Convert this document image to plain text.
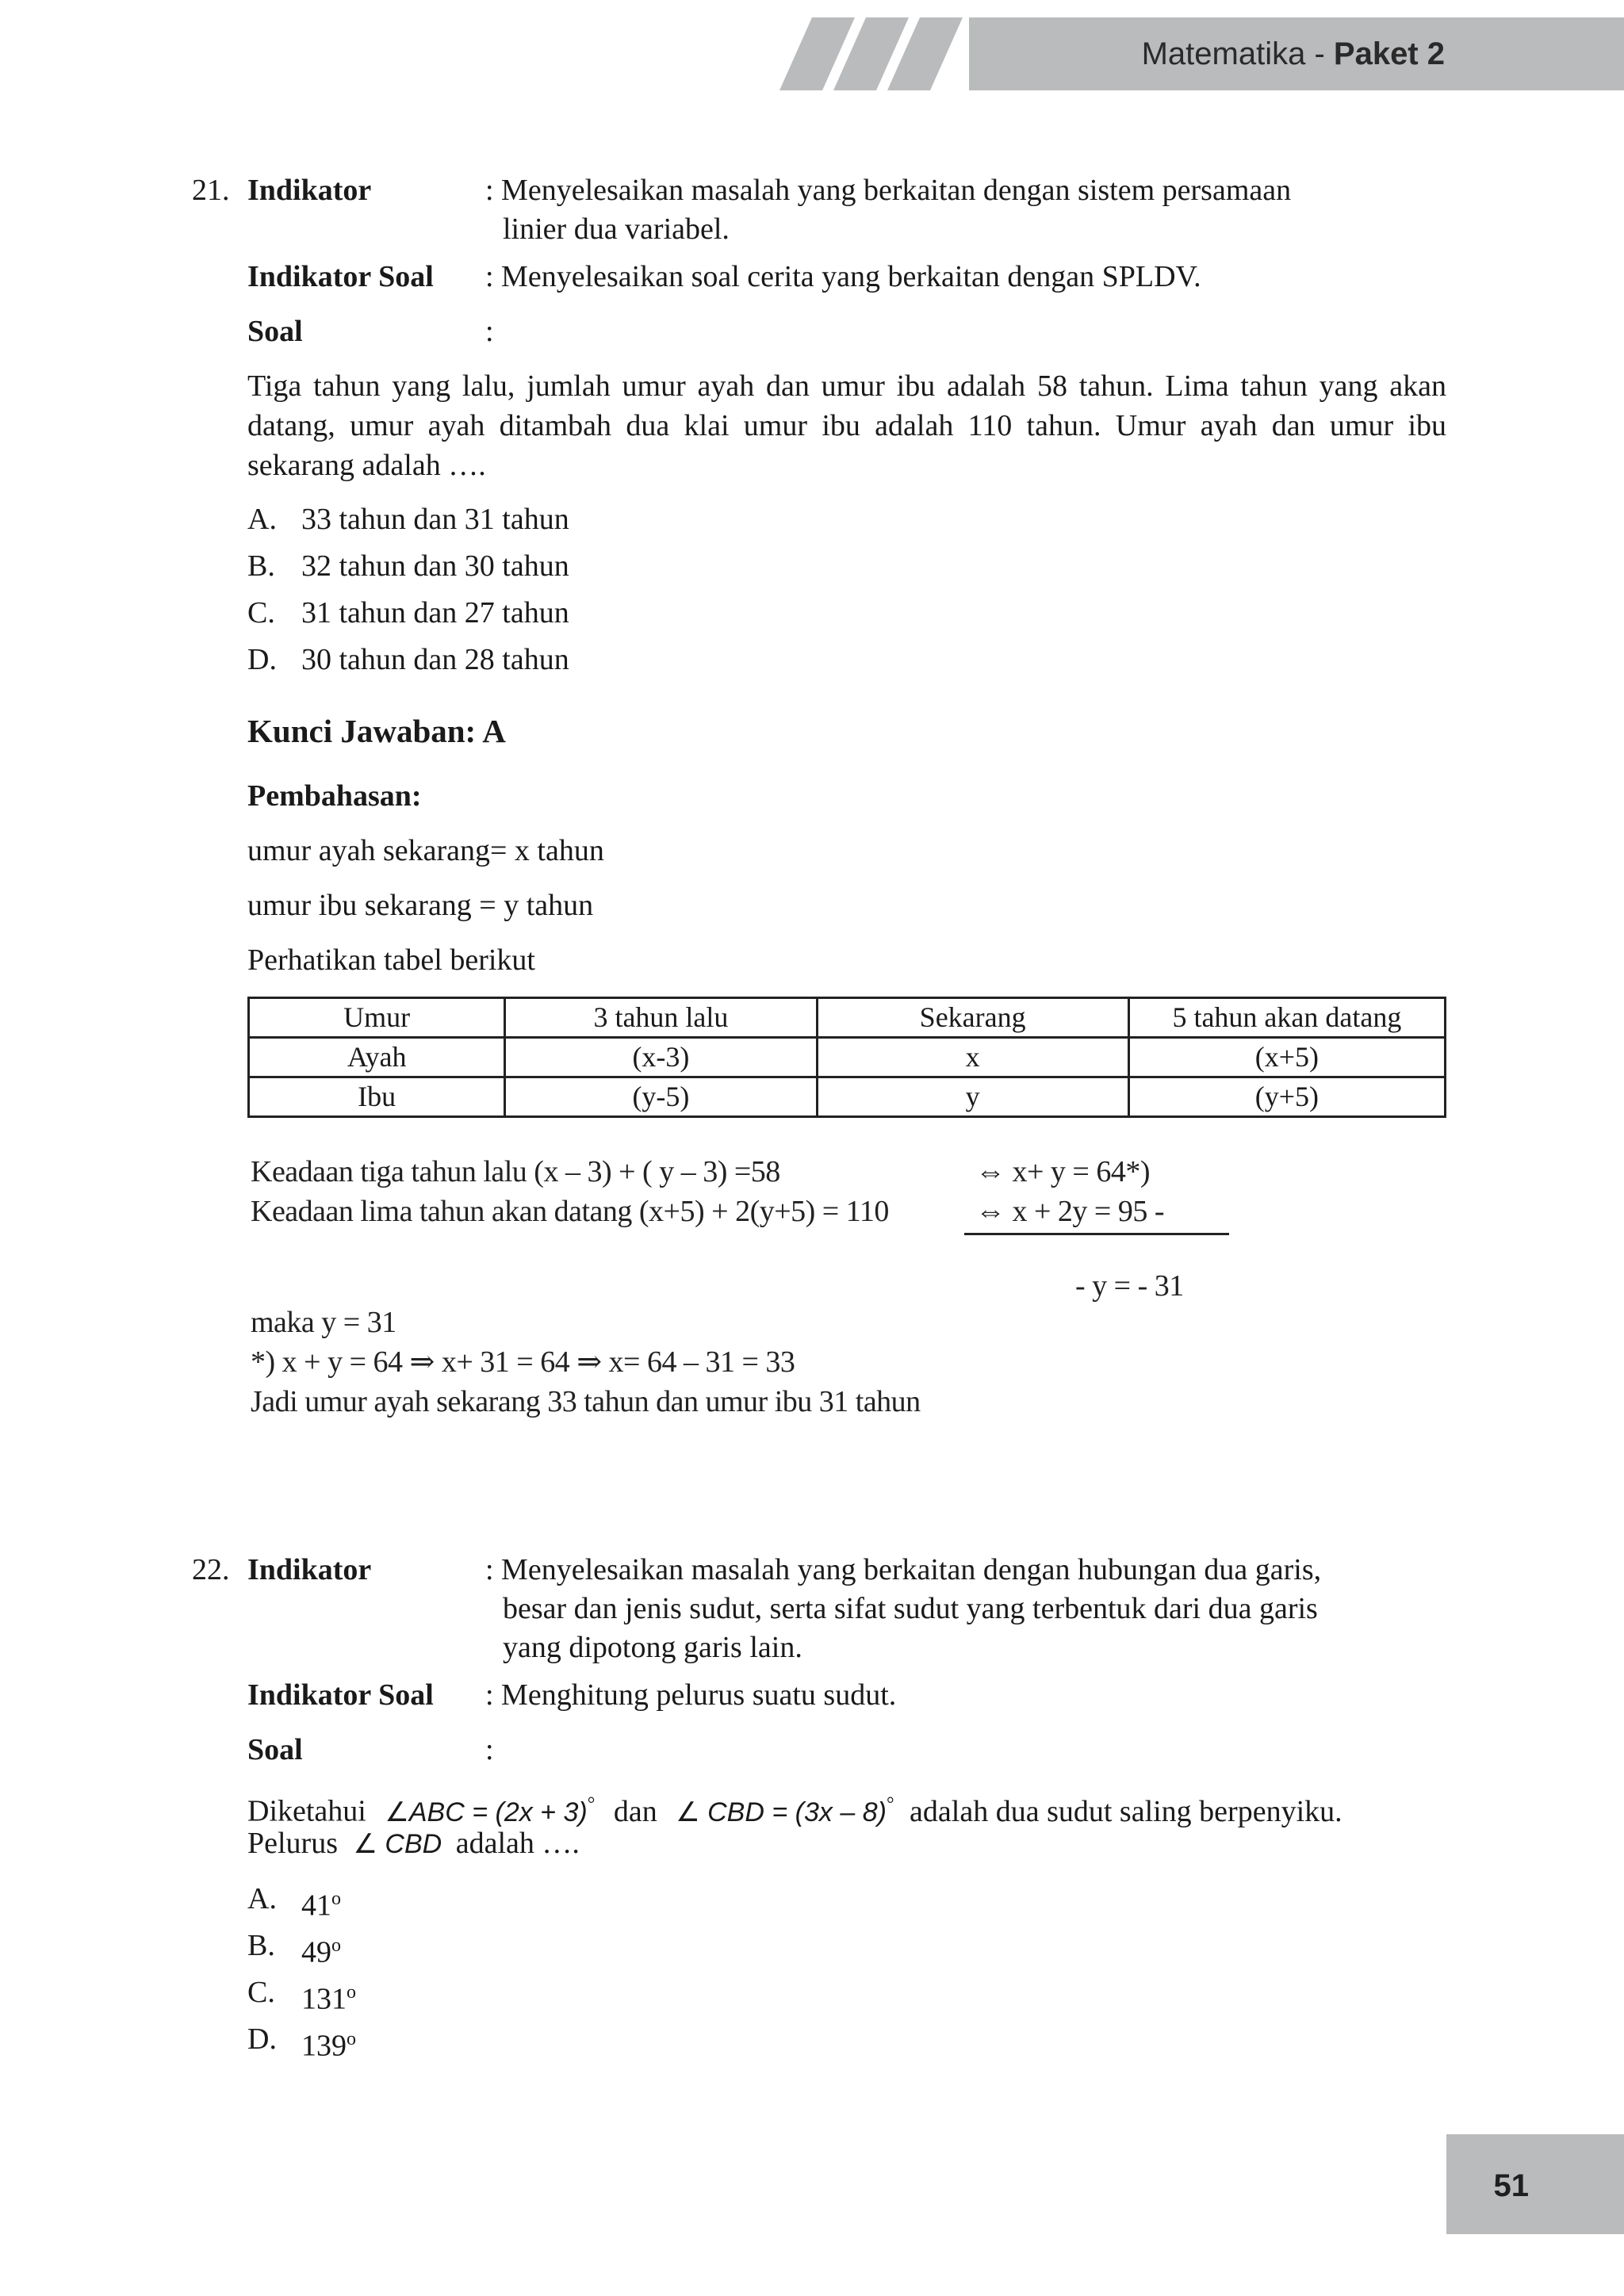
Matematika - Paket 2
21. Indikator	: Menyelesaikan masalah yang berkaitan dengan sistem persamaan
linier dua variabel.
Indikator Soal : Menyelesaikan soal cerita yang berkaitan dengan SPLDV.
Soal	:
Tiga tahun yang lalu, jumlah umur ayah dan umur ibu adalah 58 tahun. Lima tahun yang akan datang, umur ayah ditambah dua klai umur ibu adalah 110 tahun. Umur ayah dan umur ibu sekarang adalah ….
A. 33 tahun dan 31 tahun
B. 32 tahun dan 30 tahun
C. 31 tahun dan 27 tahun
D. 30 tahun dan 28 tahun
Kunci Jawaban: A
Pembahasan:
umur ayah sekarang= x tahun
umur ibu sekarang = y tahun
Perhatikan tabel berikut
Umur	3 tahun lalu	Sekarang	5 tahun akan datang
Ayah	(x-3)	x	(x+5)
Ibu	(y-5)	y	(y+5)
Keadaan tiga tahun lalu (x – 3) + ( y – 3) =58	⇔ x+ y = 64*)
Keadaan lima tahun akan datang (x+5) + 2(y+5) = 110	⇔ x + 2y = 95 -
- y = - 31
maka y = 31
*) x + y = 64 ⇒ x+ 31 = 64 ⇒ x= 64 – 31 = 33
Jadi umur ayah sekarang 33 tahun dan umur ibu 31 tahun
22. Indikator	: Menyelesaikan masalah yang berkaitan dengan hubungan dua garis,
besar dan jenis sudut, serta sifat sudut yang terbentuk dari dua garis
yang dipotong garis lain.
Indikator Soal : Menghitung pelurus suatu sudut.
Soal	:
Diketahui ∠ABC = (2x + 3)° dan ∠ CBD = (3x – 8)° adalah dua sudut saling berpenyiku.
Pelurus ∠ CBD adalah ….
A. 41$^o$
B. 49$^o$
C. 131$^o$
D. 139$^o$
51
